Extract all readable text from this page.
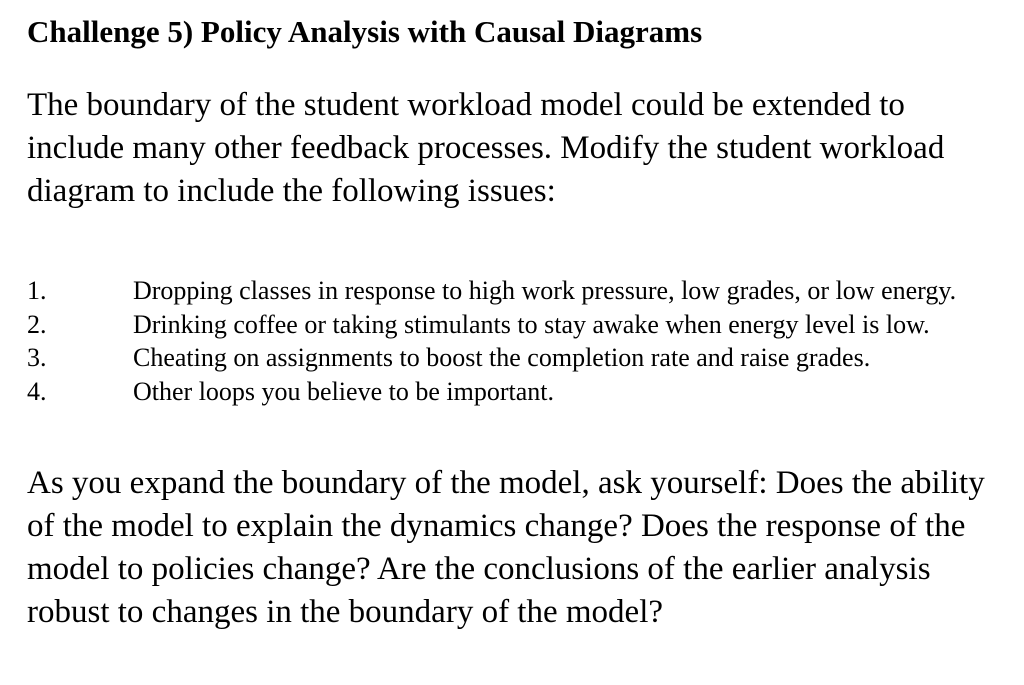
Challenge 5) Policy Analysis with Causal Diagrams

The boundary of the student workload model could be extended to include many other feedback processes. Modify the student workload diagram to include the following issues:

1.	Dropping classes in response to high work pressure, low grades, or low energy.
2.	Drinking coffee or taking stimulants to stay awake when energy level is low.
3.	Cheating on assignments to boost the completion rate and raise grades.
4.	Other loops you believe to be important.

As you expand the boundary of the model, ask yourself: Does the ability of the model to explain the dynamics change? Does the response of the model to policies change? Are the conclusions of the earlier analysis robust to changes in the boundary of the model?
